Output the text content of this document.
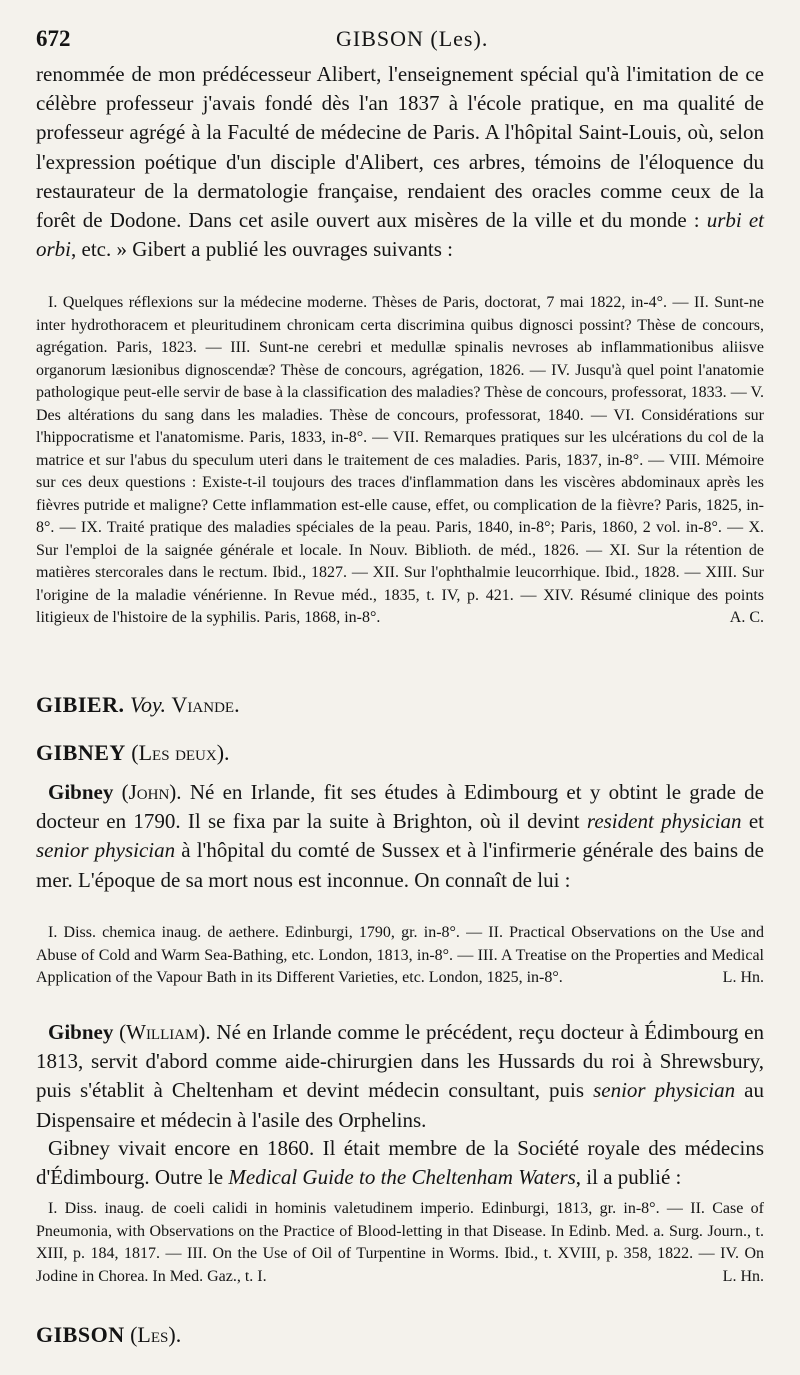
672	GIBSON (Les).
renommée de mon prédécesseur Alibert, l'enseignement spécial qu'à l'imitation de ce célèbre professeur j'avais fondé dès l'an 1837 à l'école pratique, en ma qualité de professeur agrégé à la Faculté de médecine de Paris. A l'hôpital Saint-Louis, où, selon l'expression poétique d'un disciple d'Alibert, ces arbres, témoins de l'éloquence du restaurateur de la dermatologie française, rendaient des oracles comme ceux de la forêt de Dodone. Dans cet asile ouvert aux misères de la ville et du monde : urbi et orbi, etc. » Gibert a publié les ouvrages suivants :
I. Quelques réflexions sur la médecine moderne. Thèses de Paris, doctorat, 7 mai 1822, in-4°. — II. Sunt-ne inter hydrothoracem et pleuritudinem chronicam certa discrimina quibus dignosci possint? Thèse de concours, agrégation. Paris, 1823. — III. Sunt-ne cerebri et medullæ spinalis nevroses ab inflammationibus aliisve organorum læsionibus dignoscendæ? Thèse de concours, agrégation, 1826. — IV. Jusqu'à quel point l'anatomie pathologique peut-elle servir de base à la classification des maladies? Thèse de concours, professorat, 1833. — V. Des altérations du sang dans les maladies. Thèse de concours, professorat, 1840. — VI. Considérations sur l'hippocratisme et l'anatomisme. Paris, 1833, in-8°. — VII. Remarques pratiques sur les ulcérations du col de la matrice et sur l'abus du speculum uteri dans le traitement de ces maladies. Paris, 1837, in-8°. — VIII. Mémoire sur ces deux questions : Existe-t-il toujours des traces d'inflammation dans les viscères abdominaux après les fièvres putride et maligne? Cette inflammation est-elle cause, effet, ou complication de la fièvre? Paris, 1825, in-8°. — IX. Traité pratique des maladies spéciales de la peau. Paris, 1840, in-8°; Paris, 1860, 2 vol. in-8°. — X. Sur l'emploi de la saignée générale et locale. In Nouv. Biblioth. de méd., 1826. — XI. Sur la rétention de matières stercorales dans le rectum. Ibid., 1827. — XII. Sur l'ophthalmie leucorrhique. Ibid., 1828. — XIII. Sur l'origine de la maladie vénérienne. In Revue méd., 1835, t. IV, p. 421. — XIV. Résumé clinique des points litigieux de l'histoire de la syphilis. Paris, 1868, in-8°.	A. C.
GIBIER. Voy. Viande.
GIBNEY (Les deux).
Gibney (John). Né en Irlande, fit ses études à Edimbourg et y obtint le grade de docteur en 1790. Il se fixa par la suite à Brighton, où il devint resident physician et senior physician à l'hôpital du comté de Sussex et à l'infirmerie générale des bains de mer. L'époque de sa mort nous est inconnue. On connaît de lui :
I. Diss. chemica inaug. de aethere. Edinburgi, 1790, gr. in-8°. — II. Practical Observations on the Use and Abuse of Cold and Warm Sea-Bathing, etc. London, 1813, in-8°. — III. A Treatise on the Properties and Medical Application of the Vapour Bath in its Different Varieties, etc. London, 1825, in-8°.	L. Hn.
Gibney (William). Né en Irlande comme le précédent, reçu docteur à Édimbourg en 1813, servit d'abord comme aide-chirurgien dans les Hussards du roi à Shrewsbury, puis s'établit à Cheltenham et devint médecin consultant, puis senior physician au Dispensaire et médecin à l'asile des Orphelins.
Gibney vivait encore en 1860. Il était membre de la Société royale des médecins d'Édimbourg. Outre le Medical Guide to the Cheltenham Waters, il a publié :
I. Diss. inaug. de coeli calidi in hominis valetudinem imperio. Edinburgi, 1813, gr. in-8°. — II. Case of Pneumonia, with Observations on the Practice of Blood-letting in that Disease. In Edinb. Med. a. Surg. Journ., t. XIII, p. 184, 1817. — III. On the Use of Oil of Turpentine in Worms. Ibid., t. XVIII, p. 358, 1822. — IV. On Jodine in Chorea. In Med. Gaz., t. I.	L. Hn.
GIBSON (Les).
